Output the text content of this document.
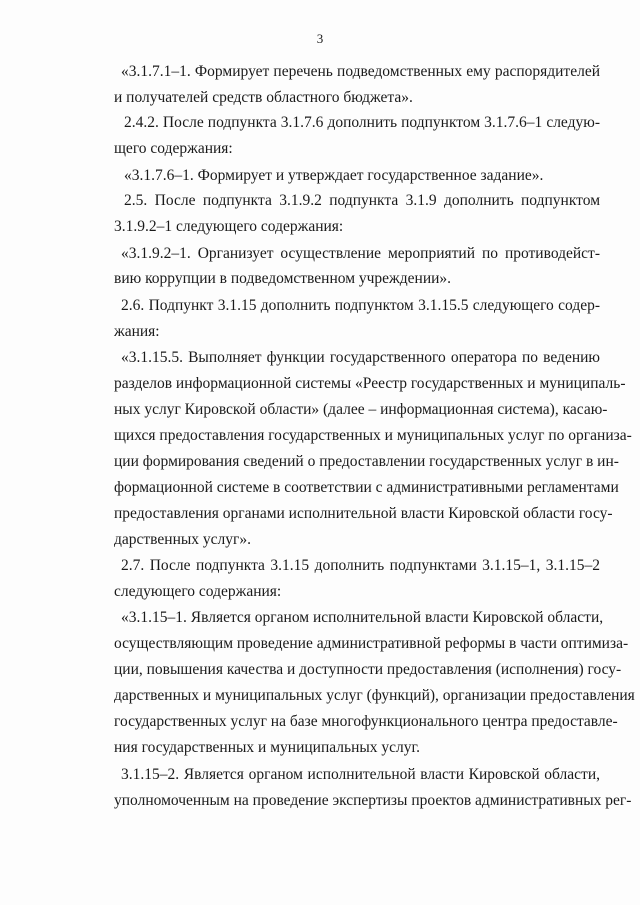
3
«3.1.7.1–1. Формирует перечень подведомственных ему распорядителей
и получателей средств областного бюджета».
2.4.2. После подпункта 3.1.7.6 дополнить подпунктом 3.1.7.6–1 следую-
щего содержания:
«3.1.7.6–1. Формирует и утверждает государственное задание».
2.5. После подпункта 3.1.9.2 подпункта 3.1.9 дополнить подпунктом
3.1.9.2–1 следующего содержания:
«3.1.9.2–1. Организует осуществление мероприятий по противодейст-
вию коррупции в подведомственном учреждении».
2.6. Подпункт 3.1.15 дополнить подпунктом 3.1.15.5 следующего содер-
жания:
«3.1.15.5. Выполняет функции государственного оператора по ведению
разделов информационной системы «Реестр государственных и муниципаль-
ных услуг Кировской области» (далее – информационная система), касаю-
щихся предоставления государственных и муниципальных услуг по организа-
ции формирования сведений о предоставлении государственных услуг в ин-
формационной системе в соответствии с административными регламентами
предоставления органами исполнительной власти Кировской области госу-
дарственных услуг».
2.7. После подпункта 3.1.15 дополнить подпунктами 3.1.15–1, 3.1.15–2
следующего содержания:
«3.1.15–1. Является органом исполнительной власти Кировской области,
осуществляющим проведение административной реформы в части оптимиза-
ции, повышения качества и доступности предоставления (исполнения) госу-
дарственных и муниципальных услуг (функций), организации предоставления
государственных услуг на базе многофункционального центра предоставле-
ния государственных и муниципальных услуг.
3.1.15–2. Является органом исполнительной власти Кировской области,
уполномоченным на проведение экспертизы проектов административных рег-
